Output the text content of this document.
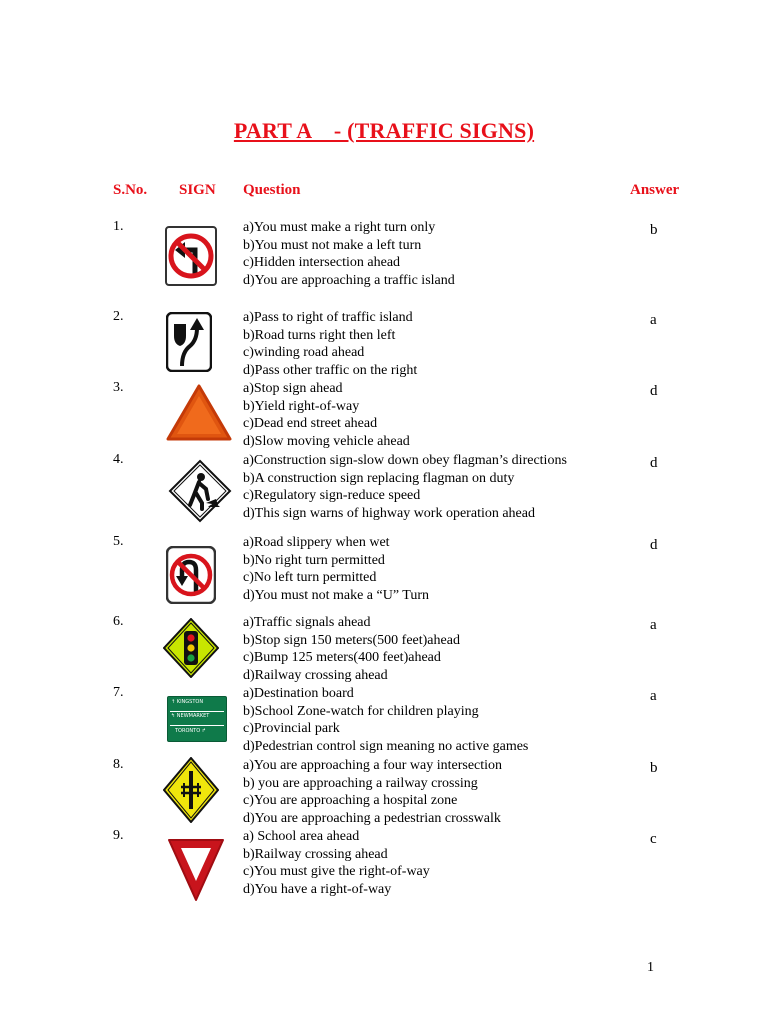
PART A    - (TRAFFIC SIGNS)
S.No. SIGN Question	Answer
1.	a)You must make a right turn only
b)You must not make a left turn
c)Hidden intersection ahead
d)You are approaching a traffic island
b
2.	a)Pass to right of traffic island
b)Road turns right then left
c)winding road ahead
d)Pass other traffic on the right
a
3.	a)Stop sign ahead
b)Yield right-of-way
c)Dead end street ahead
d)Slow moving vehicle ahead
d
4.	a)Construction sign-slow down obey flagman’s directions
b)A construction sign replacing flagman on duty
c)Regulatory sign-reduce speed
d)This sign warns of highway work operation ahead
d
5.	a)Road slippery when wet
b)No right turn permitted
c)No left turn permitted
d)You must not make a “U” Turn
d
6.	a)Traffic signals ahead
b)Stop sign 150 meters(500 feet)ahead
c)Bump 125 meters(400 feet)ahead
d)Railway crossing ahead
a
7.
↑ KINGSTON
↰ NEWMARKET
TORONTO ↱
a)Destination board
b)School Zone-watch for children playing
c)Provincial park
d)Pedestrian control sign meaning no active games
a
8.	a)You are approaching a four way intersection
b) you are approaching a railway crossing
c)You are approaching a hospital zone
d)You are approaching a pedestrian crosswalk
b
9.	a) School area ahead
b)Railway crossing ahead
c)You must give the right-of-way
d)You have a right-of-way
c
1
